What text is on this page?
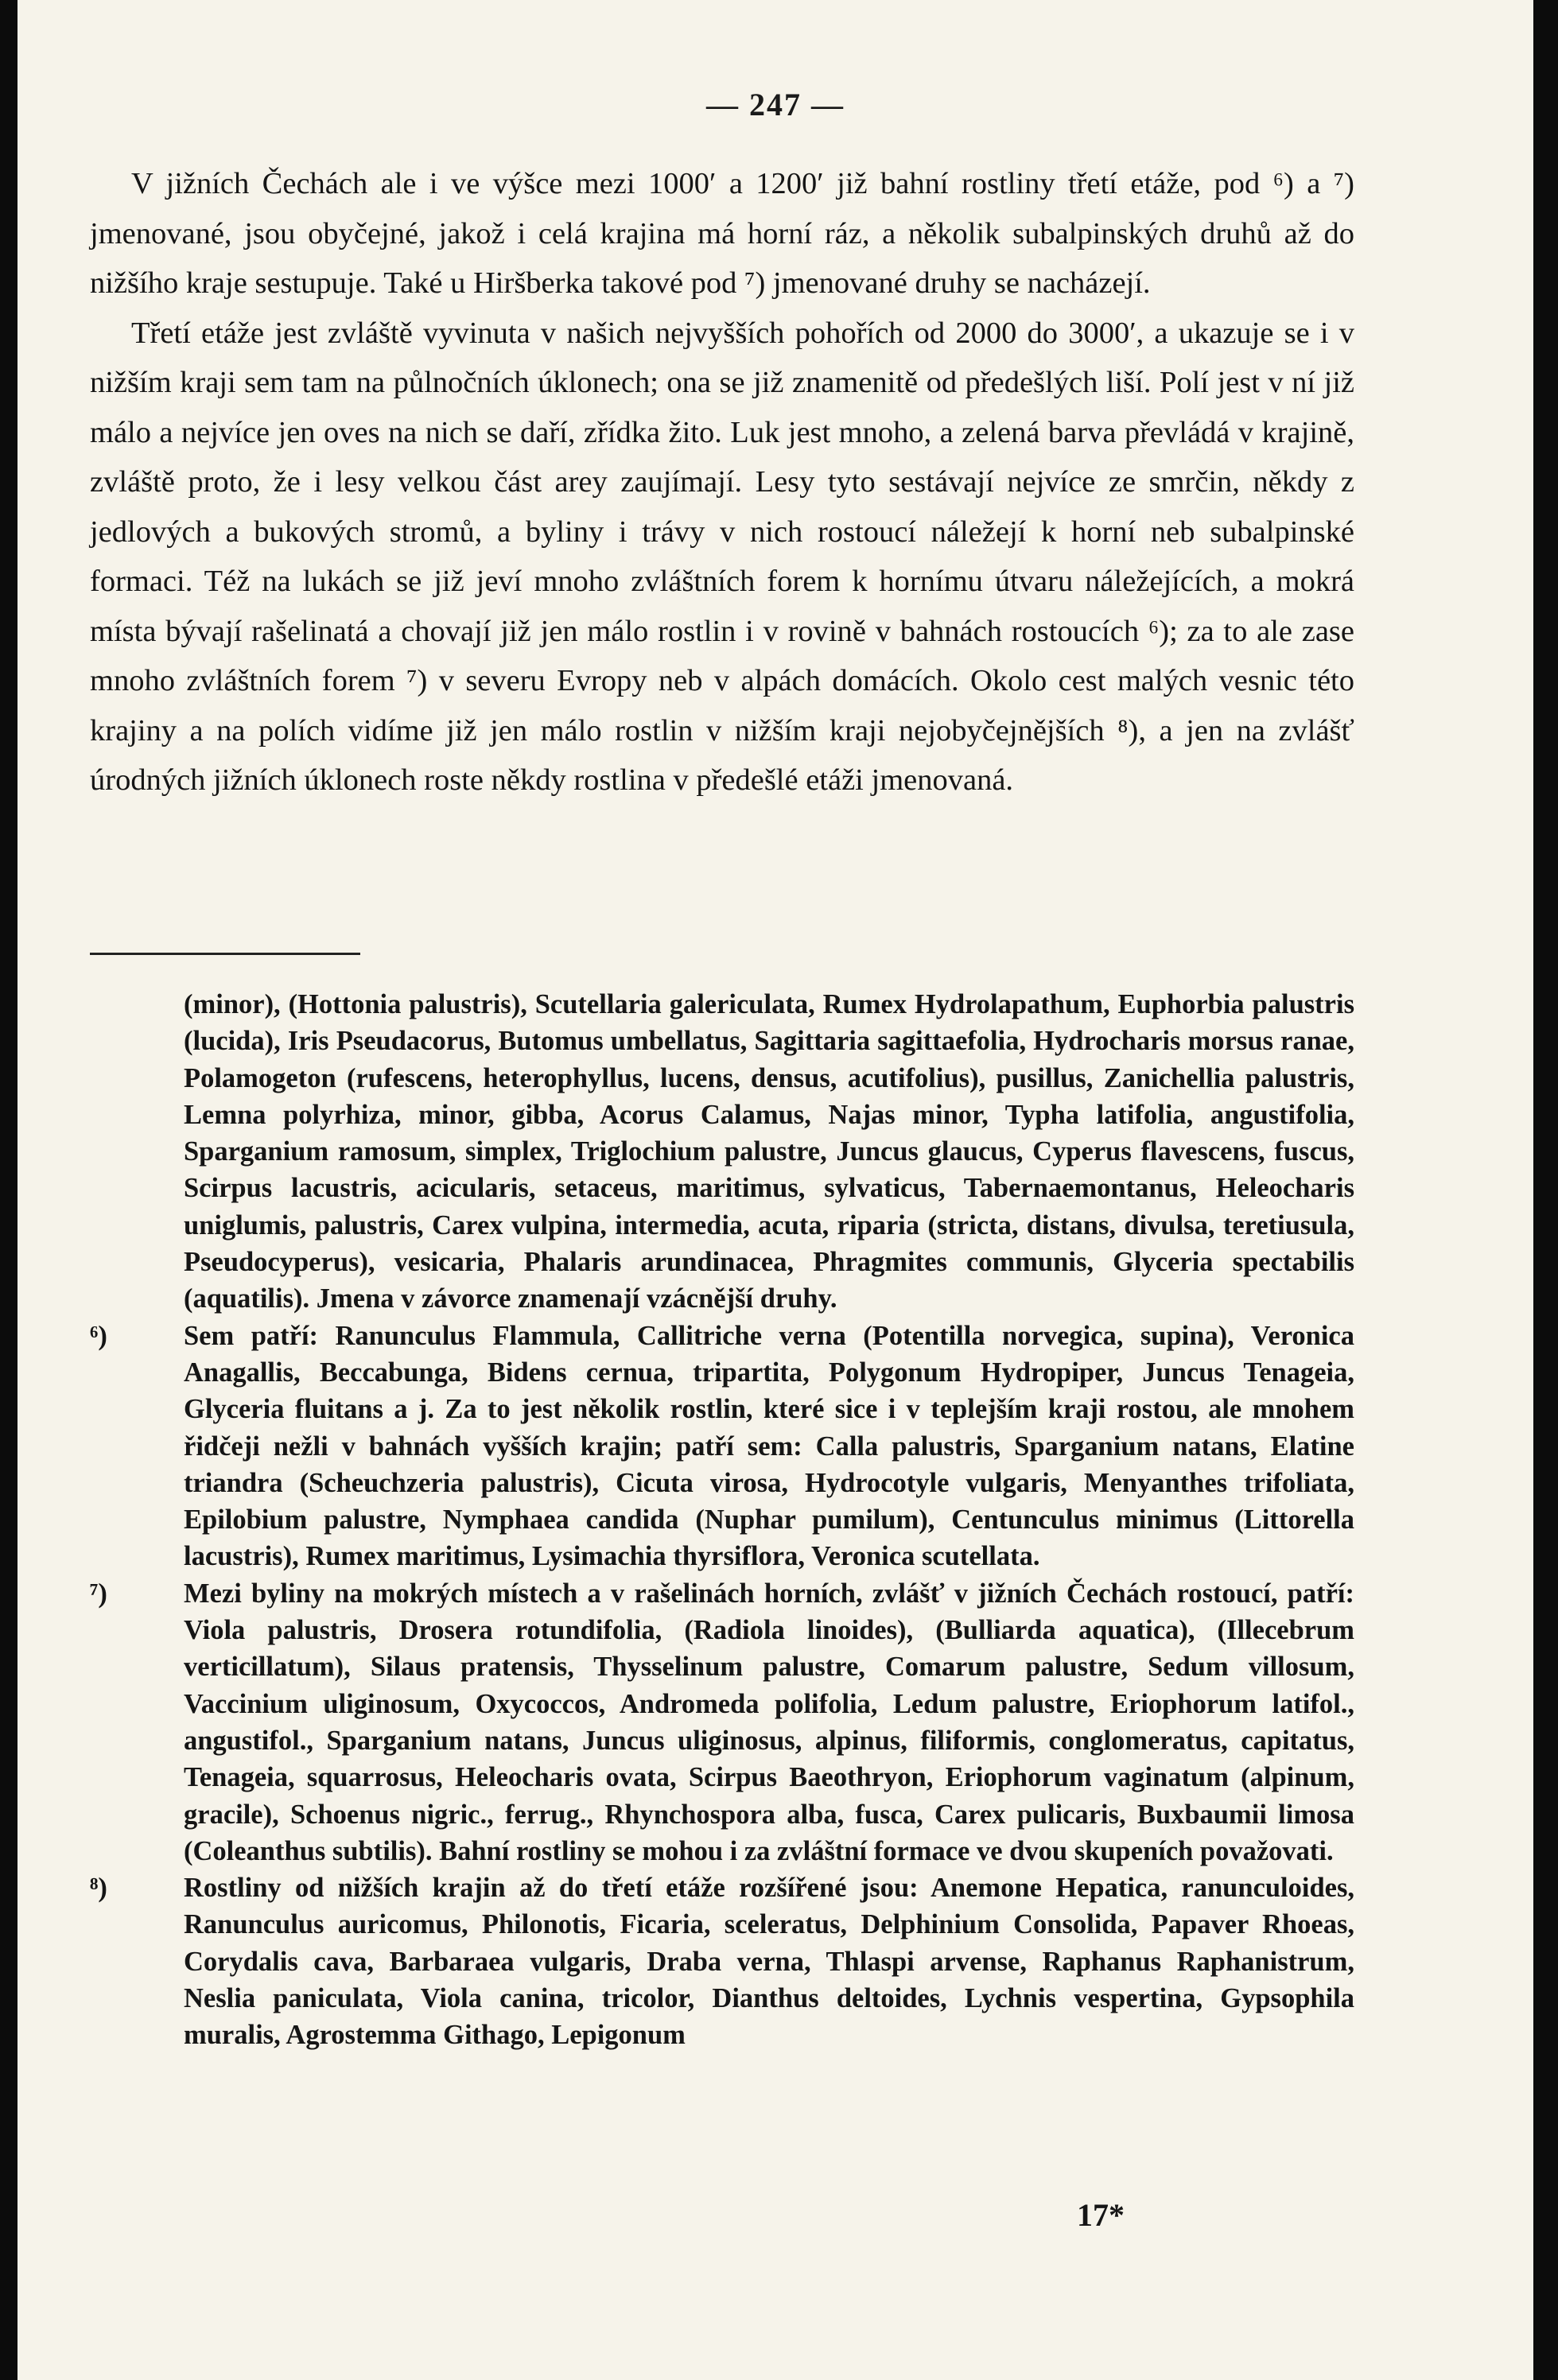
— 247 —

V jižních Čechách ale i ve výšce mezi 1000′ a 1200′ již bahní rostliny třetí etáže, pod ⁶) a ⁷) jmenované, jsou obyčejné, jakož i celá krajina má horní ráz, a několik subalpinských druhů až do nižšího kraje sestupuje. Také u Hiršberka takové pod ⁷) jmenované druhy se nacházejí.

Třetí etáže jest zvláště vyvinuta v našich nejvyšších pohořích od 2000 do 3000′, a ukazuje se i v nižším kraji sem tam na půlnočních úklonech; ona se již znamenitě od předešlých liší. Polí jest v ní již málo a nejvíce jen oves na nich se daří, zřídka žito. Luk jest mnoho, a zelená barva převládá v krajině, zvláště proto, že i lesy velkou část arey zaujímají. Lesy tyto sestávají nejvíce ze smrčin, někdy z jedlových a bukových stromů, a byliny i trávy v nich rostoucí náležejí k horní neb subalpinské formaci. Též na lukách se již jeví mnoho zvláštních forem k hornímu útvaru náležejících, a mokrá místa bývají rašelinatá a chovají již jen málo rostlin i v rovině v bahnách rostoucích ⁶); za to ale zase mnoho zvláštních forem ⁷) v severu Evropy neb v alpách domácích. Okolo cest malých vesnic této krajiny a na polích vidíme již jen málo rostlin v nižším kraji nejobyčejnějších ⁸), a jen na zvlášť úrodných jižních úklonech roste někdy rostlina v předešlé etáži jmenovaná.

(minor), (Hottonia palustris), Scutellaria galericulata, Rumex Hydrolapathum, Euphorbia palustris (lucida), Iris Pseudacorus, Butomus umbellatus, Sagittaria sagittaefolia, Hydrocharis morsus ranae, Polamogeton (rufescens, heterophyllus, lucens, densus, acutifolius), pusillus, Zanichellia palustris, Lemna polyrhiza, minor, gibba, Acorus Calamus, Najas minor, Typha latifolia, angustifolia, Sparganium ramosum, simplex, Triglochium palustre, Juncus glaucus, Cyperus flavescens, fuscus, Scirpus lacustris, acicularis, setaceus, maritimus, sylvaticus, Tabernaemontanus, Heleocharis uniglumis, palustris, Carex vulpina, intermedia, acuta, riparia (stricta, distans, divulsa, teretiusula, Pseudocyperus), vesicaria, Phalaris arundinacea, Phragmites communis, Glyceria spectabilis (aquatilis). Jmena v závorce znamenají vzácnější druhy.

⁶)	Sem patří: Ranunculus Flammula, Callitriche verna (Potentilla norvegica, supina), Veronica Anagallis, Beccabunga, Bidens cernua, tripartita, Polygonum Hydropiper, Juncus Tenageia, Glyceria fluitans a j. Za to jest několik rostlin, které sice i v teplejším kraji rostou, ale mnohem řidčeji nežli v bahnách vyšších krajin; patří sem: Calla palustris, Sparganium natans, Elatine triandra (Scheuchzeria palustris), Cicuta virosa, Hydrocotyle vulgaris, Menyanthes trifoliata, Epilobium palustre, Nymphaea candida (Nuphar pumilum), Centunculus minimus (Littorella lacustris), Rumex maritimus, Lysimachia thyrsiflora, Veronica scutellata.

⁷)	Mezi byliny na mokrých místech a v rašelinách horních, zvlášť v jižních Čechách rostoucí, patří: Viola palustris, Drosera rotundifolia, (Radiola linoides), (Bulliarda aquatica), (Illecebrum verticillatum), Silaus pratensis, Thysselinum palustre, Comarum palustre, Sedum villosum, Vaccinium uliginosum, Oxycoccos, Andromeda polifolia, Ledum palustre, Eriophorum latifol., angustifol., Sparganium natans, Juncus uliginosus, alpinus, filiformis, conglomeratus, capitatus, Tenageia, squarrosus, Heleocharis ovata, Scirpus Baeothryon, Eriophorum vaginatum (alpinum, gracile), Schoenus nigric., ferrug., Rhynchospora alba, fusca, Carex pulicaris, Buxbaumii limosa (Coleanthus subtilis). Bahní rostliny se mohou i za zvláštní formace ve dvou skupeních považovati.

⁸)	Rostliny od nižších krajin až do třetí etáže rozšířené jsou: Anemone Hepatica, ranunculoides, Ranunculus auricomus, Philonotis, Ficaria, sceleratus, Delphinium Consolida, Papaver Rhoeas, Corydalis cava, Barbaraea vulgaris, Draba verna, Thlaspi arvense, Raphanus Raphanistrum, Neslia paniculata, Viola canina, tricolor, Dianthus deltoides, Lychnis vespertina, Gypsophila muralis, Agrostemma Githago, Lepigonum

17*
